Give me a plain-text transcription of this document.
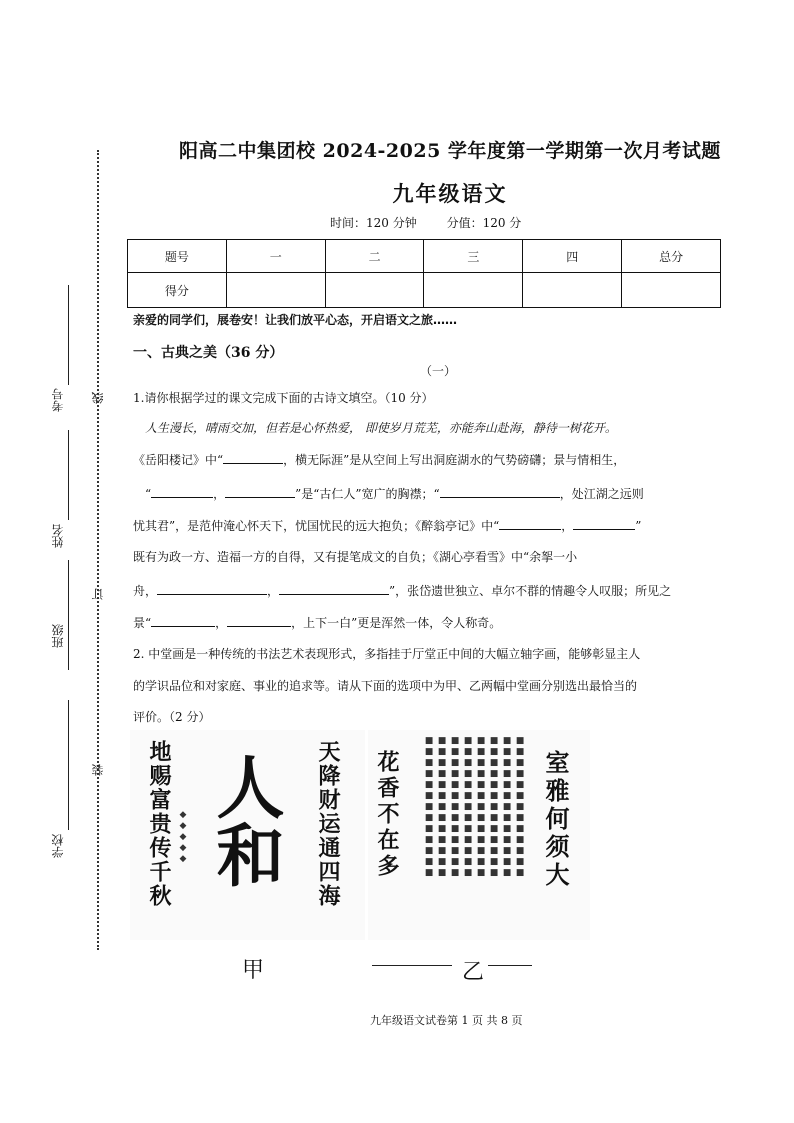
考号
姓名
班级
学校
线
订
装
阳高二中集团校 2024-2025 学年度第一学期第一次月考试题
九年级语文
时间：120 分钟 分值：120 分
题号	一	二	三	四	总分
得分					
亲爱的同学们，展卷安！让我们放平心态，开启语文之旅……
一、古典之美（36 分）
（一）
1.请你根据学过的课文完成下面的古诗文填空。（10 分）
人生漫长，晴雨交加，但若是心怀热爱， 即使岁月荒芜，亦能奔山赴海，静待一树花开。
《岳阳楼记》中“	，横无际涯”是从空间上写出洞庭湖水的气势磅礴；景与情相生，
“	，	”是“古仁人”宽广的胸襟；“	，处江湖之远则
忧其君”，是范仲淹心怀天下，忧国忧民的远大抱负；《醉翁亭记》中“	，	”
既有为政一方、造福一方的自得，又有提笔成文的自负；《湖心亭看雪》中“余挐一小
舟，	，	”，张岱遗世独立、卓尔不群的情趣令人叹服；所见之
景“	，	，上下一白”更是浑然一体，令人称奇。
2. 中堂画是一种传统的书法艺术表现形式，多指挂于厅堂正中间的大幅立轴字画，能够彰显主人
的学识品位和对家庭、事业的追求等。请从下面的选项中为甲、乙两幅中堂画分别选出最恰当的
评价。（2 分）
地赐富贵传千秋 人和 天降财运通四海
◆◆◆◆◆	花香不在多	室雅何须大
■■■■■■■■■■■■■ ■■■■■■■■■■■■■ ■■■■■■■■■■■■■ ■■■■■■■■■■■■■ ■■■■■■■■■■■■■ ■■■■■■■■■■■■■ ■■■■■■■■■■■■■ ■■■■■■■■■■■■■
甲	乙
九年级语文试卷第 1 页 共 8 页
